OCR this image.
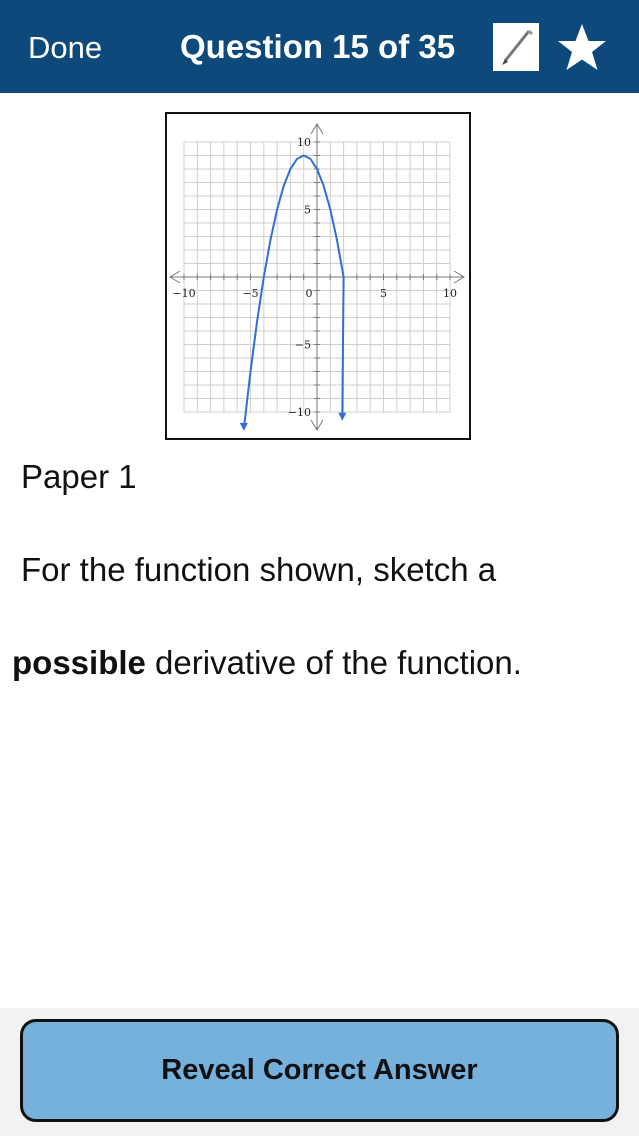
Done Question 15 of 35
−10	−5	0	5	10
10
5
−5
−10
Paper 1
For the function shown, sketch a
possible derivative of the function.
Reveal Correct Answer
